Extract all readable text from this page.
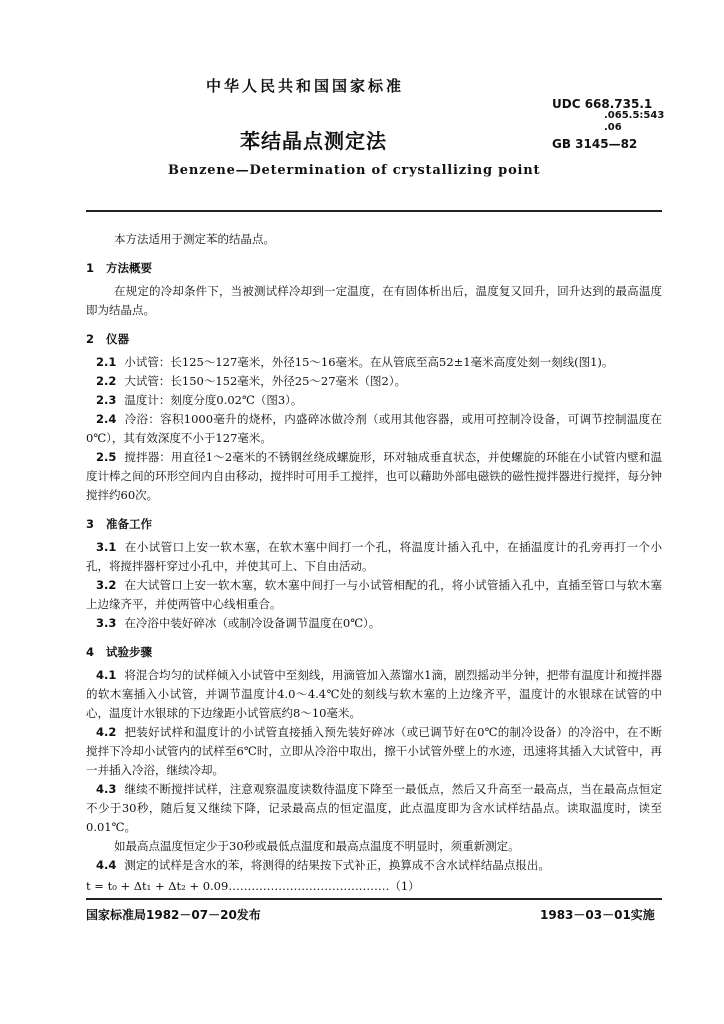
中华人民共和国国家标准
UDC 668.735.1
.065.5:543
.06
GB 3145—82
苯结晶点测定法
Benzene—Determination of crystallizing point

本方法适用于测定苯的结晶点。

1 方法概要

在规定的冷却条件下，当被测试样冷却到一定温度，在有固体析出后，温度复又回升，回升达到的最高温度即为结晶点。

2 仪器

2.1 小试管：长125～127毫米，外径15～16毫米。在从管底至高52±1毫米高度处刻一刻线(图1)。

2.2 大试管：长150～152毫米，外径25～27毫米（图2）。

2.3 温度计：刻度分度0.02℃（图3）。

2.4 冷浴：容积1000毫升的烧杯，内盛碎冰做冷剂（或用其他容器，或用可控制冷设备，可调节控制温度在0℃），其有效深度不小于127毫米。

2.5 搅拌器：用直径1～2毫米的不锈钢丝绕成螺旋形，环对轴成垂直状态，并使螺旋的环能在小试管内壁和温度计棒之间的环形空间内自由移动，搅拌时可用手工搅拌，也可以藉助外部电磁铁的磁性搅拌器进行搅拌，每分钟搅拌约60次。

3 准备工作

3.1 在小试管口上安一软木塞，在软木塞中间打一个孔，将温度计插入孔中，在插温度计的孔旁再打一个小孔，将搅拌器杆穿过小孔中，并使其可上、下自由活动。

3.2 在大试管口上安一软木塞，软木塞中间打一与小试管相配的孔，将小试管插入孔中，直插至管口与软木塞上边缘齐平，并使两管中心线相重合。

3.3 在冷浴中装好碎冰（或制冷设备调节温度在0℃）。

4 试验步骤

4.1 将混合均匀的试样倾入小试管中至刻线，用滴管加入蒸馏水1滴，剧烈摇动半分钟，把带有温度计和搅拌器的软木塞插入小试管，并调节温度计4.0～4.4℃处的刻线与软木塞的上边缘齐平，温度计的水银球在试管的中心，温度计水银球的下边缘距小试管底约8～10毫米。

4.2 把装好试样和温度计的小试管直接插入预先装好碎冰（或已调节好在0℃的制冷设备）的冷浴中，在不断搅拌下冷却小试管内的试样至6℃时，立即从冷浴中取出，擦干小试管外壁上的水迹，迅速将其插入大试管中，再一并插入冷浴，继续冷却。

4.3 继续不断搅拌试样，注意观察温度读数待温度下降至一最低点，然后又升高至一最高点，当在最高点恒定不少于30秒，随后复又继续下降，记录最高点的恒定温度，此点温度即为含水试样结晶点。读取温度时，读至0.01℃。

如最高点温度恒定少于30秒或最低点温度和最高点温度不明显时，须重新测定。

4.4 测定的试样是含水的苯，将测得的结果按下式补正，换算成不含水试样结晶点报出。

t = t₀ + Δt₁ + Δt₂ + 0.09……………………………………（1）

国家标准局1982－07－20发布	1983－03－01实施
